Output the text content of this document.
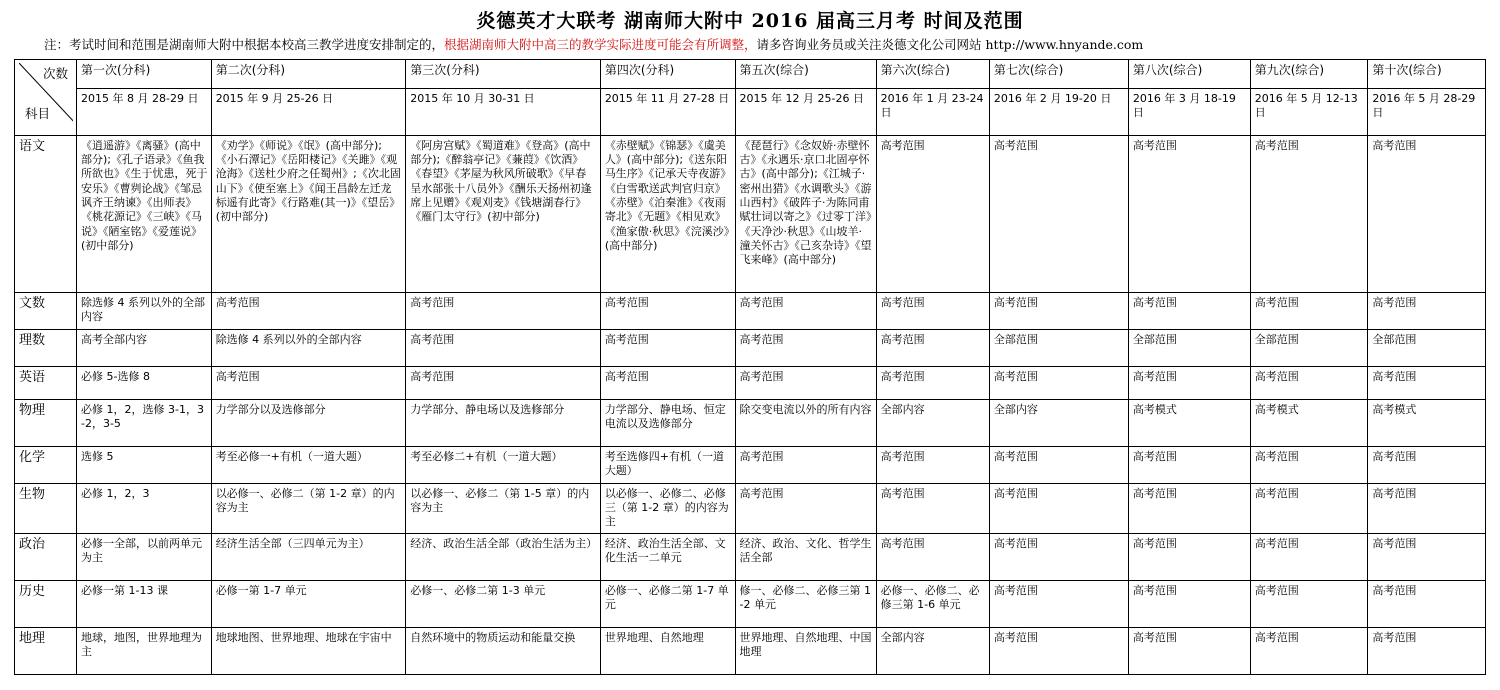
炎德英才大联考 湖南师大附中 2016 届高三月考 时间及范围
注：考试时间和范围是湖南师大附中根据本校高三教学进度安排制定的，根据湖南师大附中高三的教学实际进度可能会有所调整，请多咨询业务员或关注炎德文化公司网站 http://www.hnyande.com
次数
科目	第一次(分科)	第二次(分科)	第三次(分科)	第四次(分科)	第五次(综合)	第六次(综合)	第七次(综合)	第八次(综合)	第九次(综合)	第十次(综合)
	2015 年 8 月 28-29 日	2015 年 9 月 25-26 日	2015 年 10 月 30-31 日	2015 年 11 月 27-28 日	2015 年 12 月 25-26 日	2016 年 1 月 23-24 日	2016 年 2 月 19-20 日	2016 年 3 月 18-19 日	2016 年 5 月 12-13 日	2016 年 5 月 28-29 日
语文	《逍遥游》《离骚》(高中部分);《孔子语录》《鱼我所欲也》《生于忧患，死于安乐》《曹刿论战》《邹忌讽齐王纳谏》《出师表》《桃花源记》《三峡》《马说》《陋室铭》《爱莲说》(初中部分)	《劝学》《师说》《氓》(高中部分);《小石潭记》《岳阳楼记》《关雎》《观沧海》《送杜少府之任蜀州》;《次北固山下》《使至塞上》《闻王昌龄左迁龙标遥有此寄》《行路难(其一)》《望岳》(初中部分)	《阿房宫赋》《蜀道难》《登高》(高中部分);《醉翁亭记》《蒹葭》《饮酒》《春望》《茅屋为秋风所破歌》《早春呈水部张十八员外》《酬乐天扬州初逢席上见赠》《观刈麦》《钱塘湖春行》《雁门太守行》(初中部分)	《赤壁赋》《锦瑟》《虞美人》(高中部分);《送东阳马生序》《记承天寺夜游》《白雪歌送武判官归京》《赤壁》《泊秦淮》《夜雨寄北》《无题》《相见欢》《渔家傲·秋思》《浣溪沙》(高中部分)	《琵琶行》《念奴娇·赤壁怀古》《永遇乐·京口北固亭怀古》(高中部分);《江城子·密州出猎》《水调歌头》《游山西村》《破阵子·为陈同甫赋壮词以寄之》《过零丁洋》《天净沙·秋思》《山坡羊·潼关怀古》《己亥杂诗》《望飞来峰》(高中部分)	高考范围	高考范围	高考范围	高考范围	高考范围
文数	除选修 4 系列以外的全部内容	高考范围	高考范围	高考范围	高考范围	高考范围	高考范围	高考范围	高考范围	高考范围
理数	高考全部内容	除选修 4 系列以外的全部内容	高考范围	高考范围	高考范围	高考范围	全部范围	全部范围	全部范围	全部范围
英语	必修 5-选修 8	高考范围	高考范围	高考范围	高考范围	高考范围	高考范围	高考范围	高考范围	高考范围
物理	必修 1，2，选修 3-1，3-2，3-5	力学部分以及选修部分	力学部分、静电场以及选修部分	力学部分、静电场、恒定电流以及选修部分	除交变电流以外的所有内容	全部内容	全部内容	高考模式	高考模式	高考模式
化学	选修 5	考至必修一+有机（一道大题）	考至必修二+有机（一道大题）	考至选修四+有机（一道大题）	高考范围	高考范围	高考范围	高考范围	高考范围	高考范围
生物	必修 1，2，3	以必修一、必修二（第 1-2 章）的内容为主	以必修一、必修二（第 1-5 章）的内容为主	以必修一、必修二、必修三（第 1-2 章）的内容为主	高考范围	高考范围	高考范围	高考范围	高考范围	高考范围
政治	必修一全部，以前两单元为主	经济生活全部（三四单元为主）	经济、政治生活全部（政治生活为主）	经济、政治生活全部、文化生活一二单元	经济、政治、文化、哲学生活全部	高考范围	高考范围	高考范围	高考范围	高考范围
历史	必修一第 1-13 课	必修一第 1-7 单元	必修一、必修二第 1-3 单元	必修一、必修二第 1-7 单元	修一、必修二、必修三第 1-2 单元	必修一、必修二、必修三第 1-6 单元	高考范围	高考范围	高考范围	高考范围
地理	地球，地图，世界地理为主	地球地图、世界地理、地球在宇宙中	自然环境中的物质运动和能量交换	世界地理、自然地理	世界地理、自然地理、中国地理	全部内容	高考范围	高考范围	高考范围	高考范围
